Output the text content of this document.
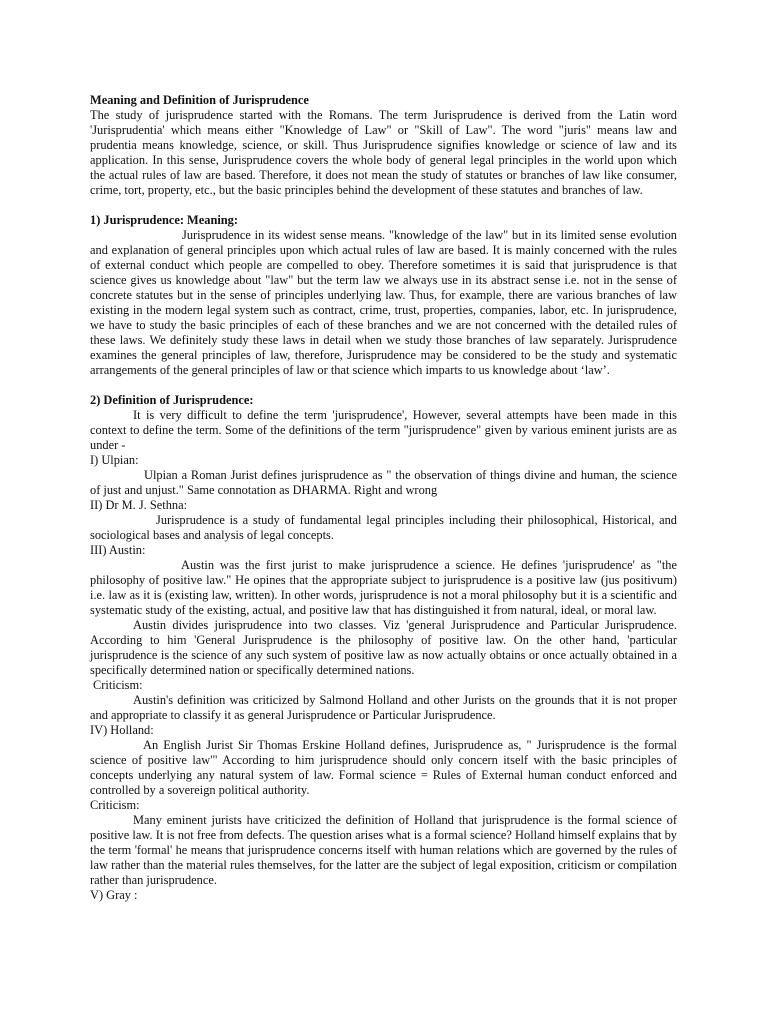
Meaning and Definition of Jurisprudence

The study of jurisprudence started with the Romans. The term Jurisprudence is derived from the Latin word 'Jurisprudentia' which means either "Knowledge of Law" or "Skill of Law". The word "juris" means law and prudentia means knowledge, science, or skill. Thus Jurisprudence signifies knowledge or science of law and its application. In this sense, Jurisprudence covers the whole body of general legal principles in the world upon which the actual rules of law are based. Therefore, it does not mean the study of statutes or branches of law like consumer, crime, tort, property, etc., but the basic principles behind the development of these statutes and branches of law.

1) Jurisprudence: Meaning:

Jurisprudence in its widest sense means. "knowledge of the law" but in its limited sense evolution and explanation of general principles upon which actual rules of law are based. It is mainly concerned with the rules of external conduct which people are compelled to obey. Therefore sometimes it is said that jurisprudence is that science gives us knowledge about "law" but the term law we always use in its abstract sense i.e. not in the sense of concrete statutes but in the sense of principles underlying law. Thus, for example, there are various branches of law existing in the modern legal system such as contract, crime, trust, properties, companies, labor, etc. In jurisprudence, we have to study the basic principles of each of these branches and we are not concerned with the detailed rules of these laws. We definitely study these laws in detail when we study those branches of law separately. Jurisprudence examines the general principles of law, therefore, Jurisprudence may be considered to be the study and systematic arrangements of the general principles of law or that science which imparts to us knowledge about ‘law’.

2) Definition of Jurisprudence:

It is very difficult to define the term 'jurisprudence', However, several attempts have been made in this context to define the term. Some of the definitions of the term "jurisprudence" given by various eminent jurists are as under -

I) Ulpian:

Ulpian a Roman Jurist defines jurisprudence as " the observation of things divine and human, the science of just and unjust." Same connotation as DHARMA. Right and wrong

II) Dr M. J. Sethna:

Jurisprudence is a study of fundamental legal principles including their philosophical, Historical, and sociological bases and analysis of legal concepts.

III) Austin:

Austin was the first jurist to make jurisprudence a science. He defines 'jurisprudence' as "the philosophy of positive law." He opines that the appropriate subject to jurisprudence is a positive law (jus positivum) i.e. law as it is (existing law, written). In other words, jurisprudence is not a moral philosophy but it is a scientific and systematic study of the existing, actual, and positive law that has distinguished it from natural, ideal, or moral law.

Austin divides jurisprudence into two classes. Viz 'general Jurisprudence and Particular Jurisprudence. According to him 'General Jurisprudence is the philosophy of positive law. On the other hand, 'particular jurisprudence is the science of any such system of positive law as now actually obtains or once actually obtained in a specifically determined nation or specifically determined nations.

Criticism:

Austin's definition was criticized by Salmond Holland and other Jurists on the grounds that it is not proper and appropriate to classify it as general Jurisprudence or Particular Jurisprudence.

IV) Holland:

An English Jurist Sir Thomas Erskine Holland defines, Jurisprudence as, " Jurisprudence is the formal science of positive law'" According to him jurisprudence should only concern itself with the basic principles of concepts underlying any natural system of law. Formal science = Rules of External human conduct enforced and controlled by a sovereign political authority.

Criticism:

Many eminent jurists have criticized the definition of Holland that jurisprudence is the formal science of positive law. It is not free from defects. The question arises what is a formal science? Holland himself explains that by the term 'formal' he means that jurisprudence concerns itself with human relations which are governed by the rules of law rather than the material rules themselves, for the latter are the subject of legal exposition, criticism or compilation rather than jurisprudence.

V) Gray :
